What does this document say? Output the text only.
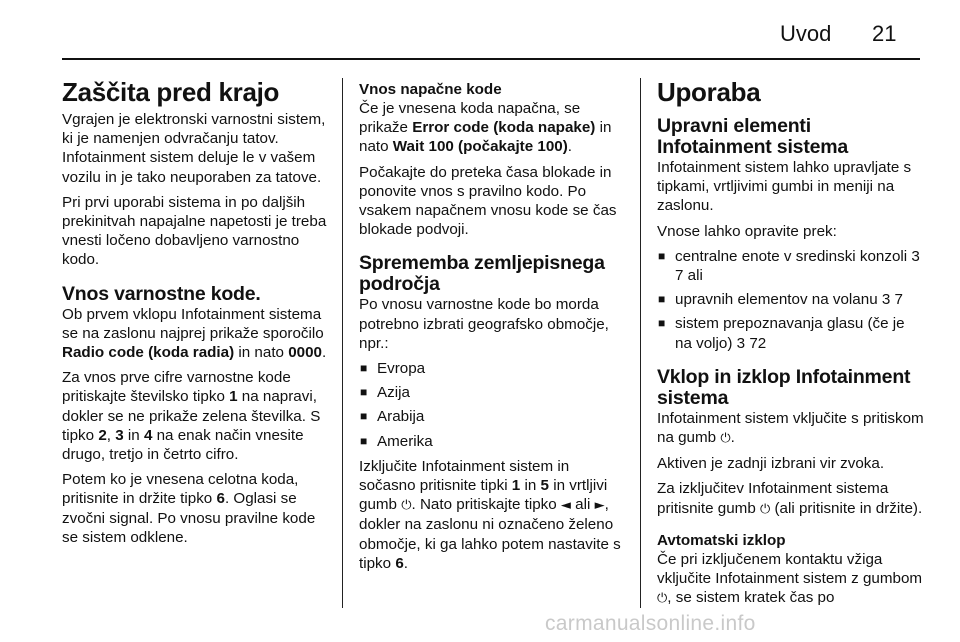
Uvod 21
Zaščita pred krajo

Vgrajen je elektronski varnostni sistem, ki je namenjen odvračanju tatov. Infotainment sistem deluje le v vašem vozilu in je tako neuporaben za tatove.

Pri prvi uporabi sistema in po daljših prekinitvah napajalne napetosti je treba vnesti ločeno dobavljeno varnostno kodo.

Vnos varnostne kode.

Ob prvem vklopu Infotainment sistema se na zaslonu najprej prikaže sporočilo Radio code (koda radia) in nato 0000.

Za vnos prve cifre varnostne kode pritiskajte številsko tipko 1 na napravi, dokler se ne prikaže zelena številka. S tipko 2, 3 in 4 na enak način vnesite drugo, tretjo in četrto cifro.

Potem ko je vnesena celotna koda, pritisnite in držite tipko 6. Oglasi se zvočni signal. Po vnosu pravilne kode se sistem odklene.

Vnos napačne kode

Če je vnesena koda napačna, se prikaže Error code (koda napake) in nato Wait 100 (počakajte 100).

Počakajte do preteka časa blokade in ponovite vnos s pravilno kodo. Po vsakem napačnem vnosu kode se čas blokade podvoji.

Sprememba zemljepisnega področja

Po vnosu varnostne kode bo morda potrebno izbrati geografsko območje, npr.:

■ Evropa
■ Azija
■ Arabija
■ Amerika

Izključite Infotainment sistem in sočasno pritisnite tipki 1 in 5 in vrtljivi gumb ⏻. Nato pritiskajte tipko ◄ ali ►, dokler na zaslonu ni označeno želeno območje, ki ga lahko potem nastavite s tipko 6.

Uporaba
Upravni elementi Infotainment sistema

Infotainment sistem lahko upravljate s tipkami, vrtljivimi gumbi in meniji na zaslonu.

Vnose lahko opravite prek:

■ centralne enote v sredinski konzoli 3 7 ali
■ upravnih elementov na volanu 3 7
■ sistem prepoznavanja glasu (če je na voljo) 3 72
Vklop in izklop Infotainment sistema

Infotainment sistem vključite s pritiskom na gumb ⏻.

Aktiven je zadnji izbrani vir zvoka.

Za izključitev Infotainment sistema pritisnite gumb ⏻ (ali pritisnite in držite).

Avtomatski izklop

Če pri izključenem kontaktu vžiga vključite Infotainment sistem z gumbom ⏻, se sistem kratek čas po

carmanualsonline.info
